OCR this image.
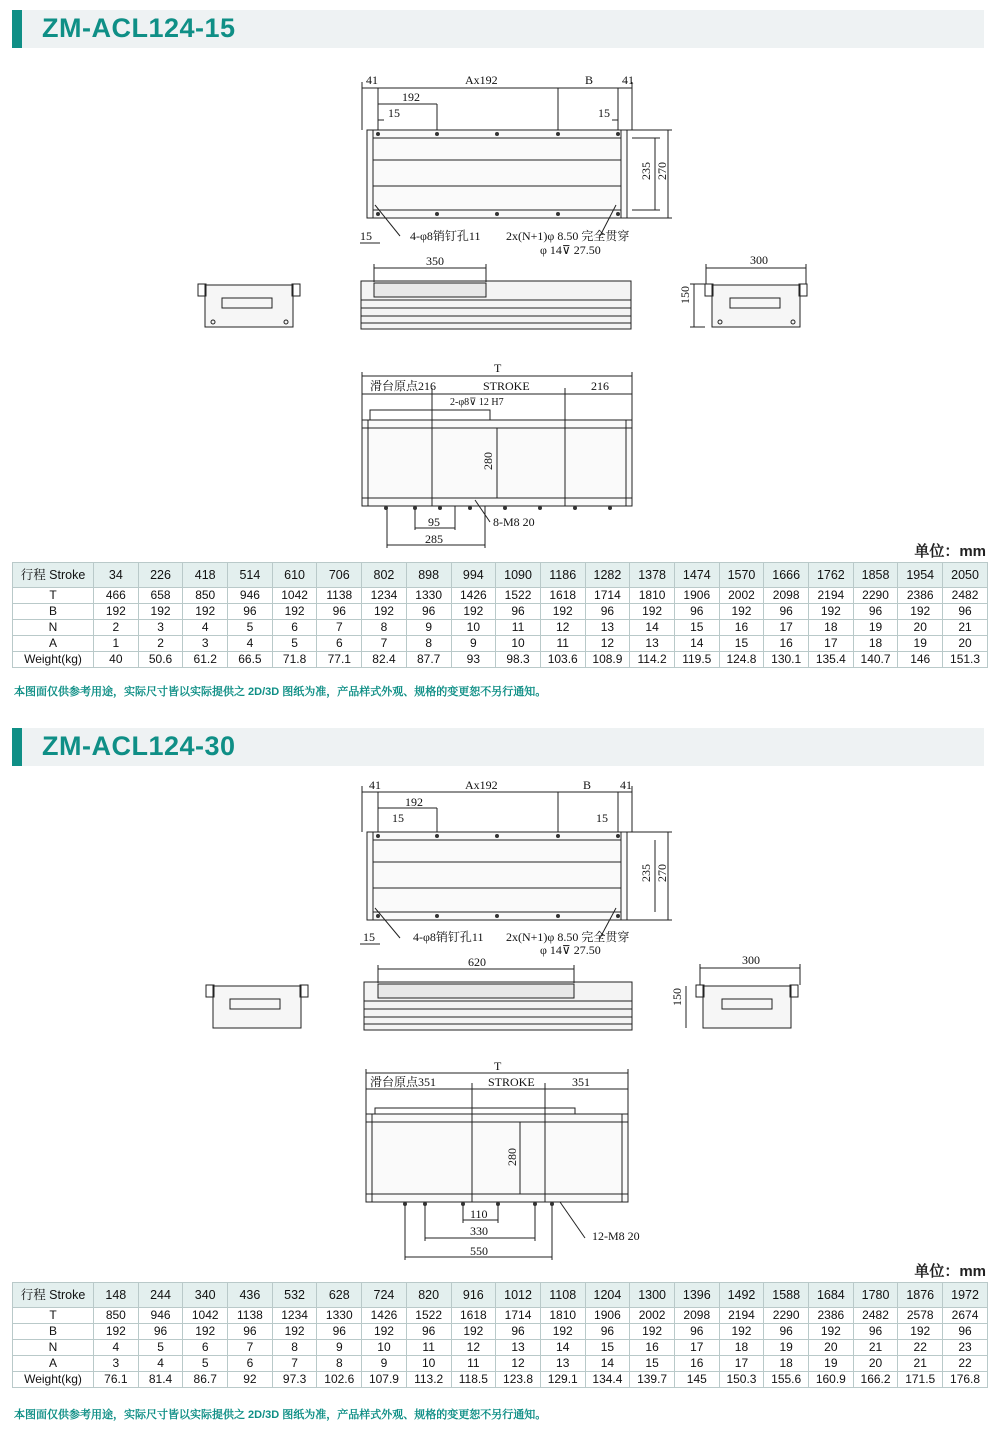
ZM-ACL124-15
41	Ax192	B 41
192
15	15
235 270
15	4-φ8销钉孔11 2x(N+1)φ 8.50 完全贯穿
φ 14⊽ 27.50
350	300
150
T
滑台原点216	STROKE	216
2-φ8⊽ 12 H7
280
95
285
8-M8 20
单位：mm
行程 Stroke	34	226	418	514	610	706	802	898	994	1090	1186	1282	1378	1474	1570	1666	1762	1858	1954	2050
T	466	658	850	946	1042	1138	1234	1330	1426	1522	1618	1714	1810	1906	2002	2098	2194	2290	2386	2482
B	192	192	192	96	192	96	192	96	192	96	192	96	192	96	192	96	192	96	192	96
N	2	3	4	5	6	7	8	9	10	11	12	13	14	15	16	17	18	19	20	21
A	1	2	3	4	5	6	7	8	9	10	11	12	13	14	15	16	17	18	19	20
Weight(kg)	40	50.6	61.2	66.5	71.8	77.1	82.4	87.7	93	98.3	103.6	108.9	114.2	119.5	124.8	130.1	135.4	140.7	146	151.3
本图面仅供参考用途，实际尺寸皆以实际提供之 2D/3D 图纸为准，产品样式外观、规格的变更恕不另行通知。
ZM-ACL124-30
41	Ax192	B 41
192
15	15
235 270
15	4-φ8销钉孔11 2x(N+1)φ 8.50 完全贯穿
φ 14⊽ 27.50
620	300
150
T
滑台原点351	STROKE	351
280
110
330
550
12-M8 20
单位：mm
行程 Stroke	148	244	340	436	532	628	724	820	916	1012	1108	1204	1300	1396	1492	1588	1684	1780	1876	1972
T	850	946	1042	1138	1234	1330	1426	1522	1618	1714	1810	1906	2002	2098	2194	2290	2386	2482	2578	2674
B	192	96	192	96	192	96	192	96	192	96	192	96	192	96	192	96	192	96	192	96
N	4	5	6	7	8	9	10	11	12	13	14	15	16	17	18	19	20	21	22	23
A	3	4	5	6	7	8	9	10	11	12	13	14	15	16	17	18	19	20	21	22
Weight(kg)	76.1	81.4	86.7	92	97.3	102.6	107.9	113.2	118.5	123.8	129.1	134.4	139.7	145	150.3	155.6	160.9	166.2	171.5	176.8
本图面仅供参考用途，实际尺寸皆以实际提供之 2D/3D 图纸为准，产品样式外观、规格的变更恕不另行通知。
